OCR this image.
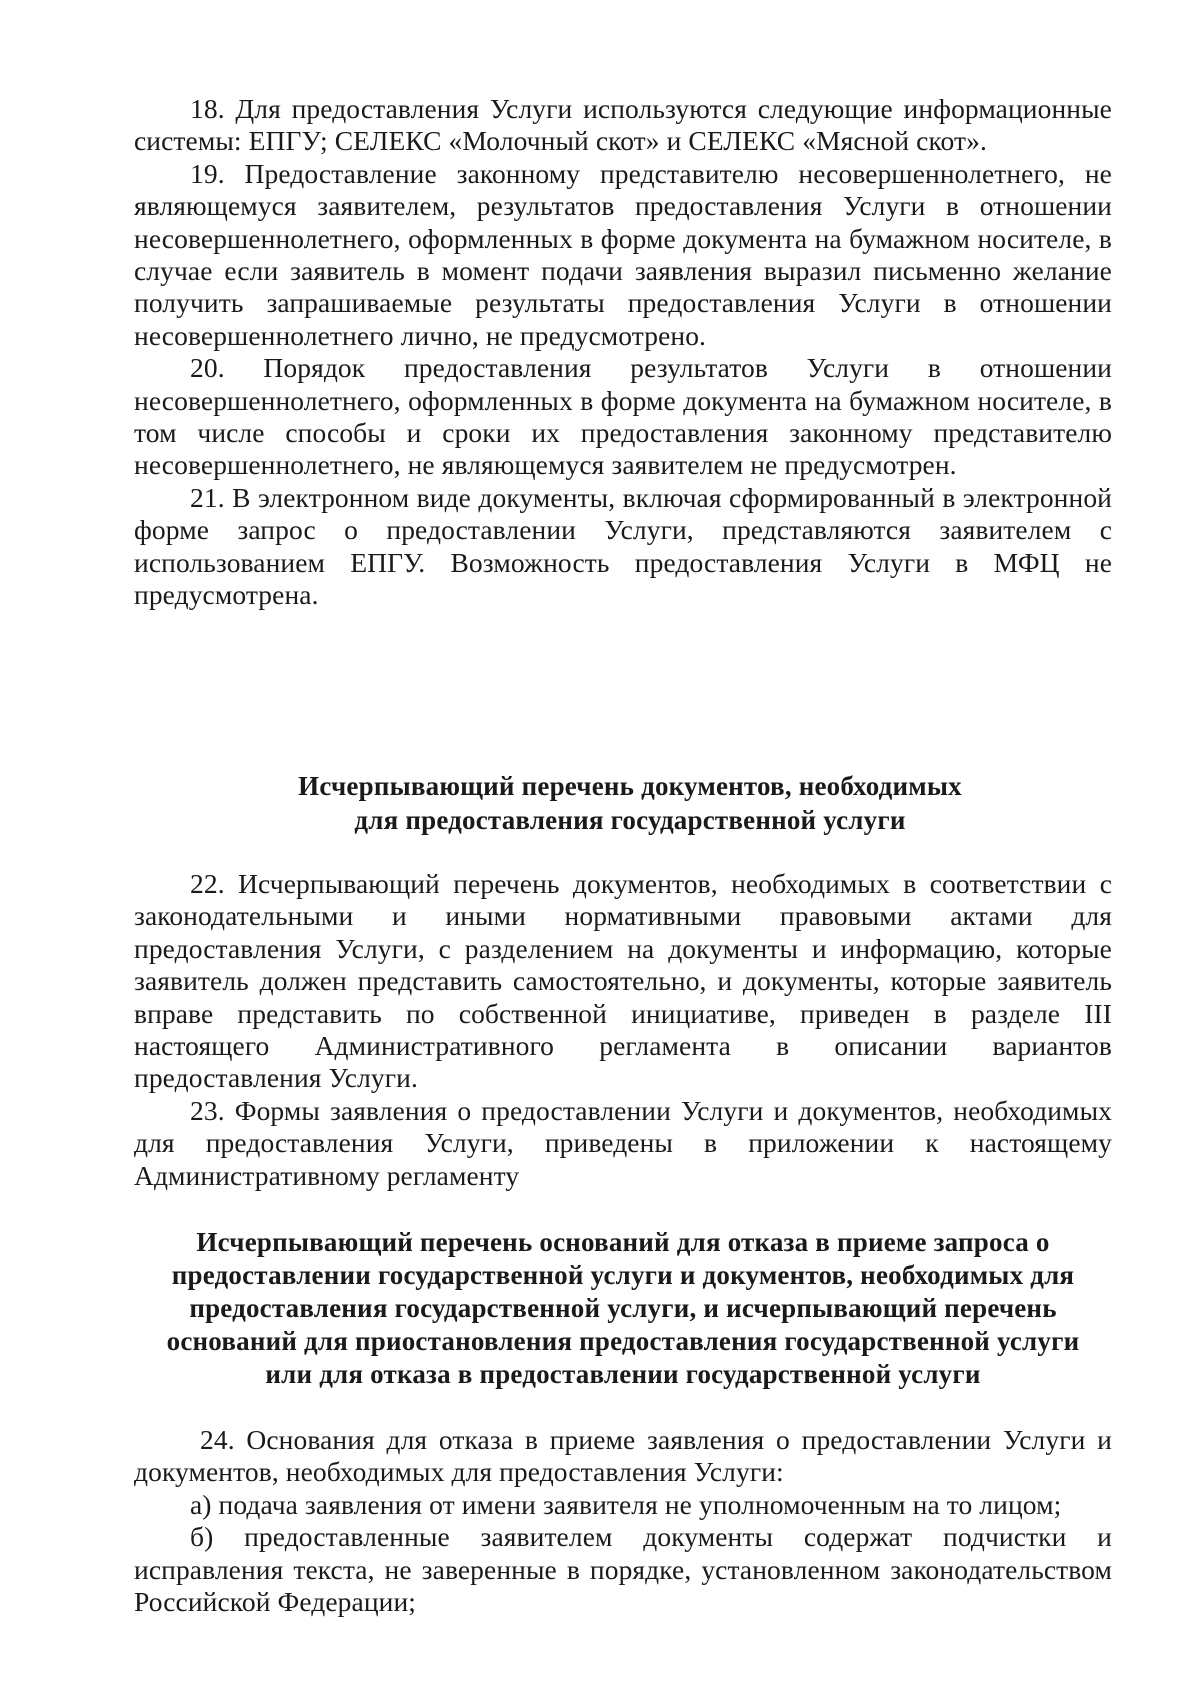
18. Для предоставления Услуги используются следующие информационные системы: ЕПГУ; СЕЛЕКС «Молочный скот» и СЕЛЕКС «Мясной скот».

19. Предоставление законному представителю несовершеннолетнего, не являющемуся заявителем, результатов предоставления Услуги в отношении несовершеннолетнего, оформленных в форме документа на бумажном носителе, в случае если заявитель в момент подачи заявления выразил письменно желание получить запрашиваемые результаты предоставления Услуги в отношении несовершеннолетнего лично, не предусмотрено.

20. Порядок предоставления результатов Услуги в отношении несовершеннолетнего, оформленных в форме документа на бумажном носителе, в том числе способы и сроки их предоставления законному представителю несовершеннолетнего, не являющемуся заявителем не предусмотрен.

21. В электронном виде документы, включая сформированный в электронной форме запрос о предоставлении Услуги, представляются заявителем с использованием ЕПГУ. Возможность предоставления Услуги в МФЦ не предусмотрена.

Исчерпывающий перечень документов, необходимых
для предоставления государственной услуги

22. Исчерпывающий перечень документов, необходимых в соответствии с законодательными и иными нормативными правовыми актами для предоставления Услуги, с разделением на документы и информацию, которые заявитель должен представить самостоятельно, и документы, которые заявитель вправе представить по собственной инициативе, приведен в разделе III настоящего Административного регламента в описании вариантов предоставления Услуги.

23. Формы заявления о предоставлении Услуги и документов, необходимых для предоставления Услуги, приведены в приложении к настоящему Административному регламенту

Исчерпывающий перечень оснований для отказа в приеме запроса о
предоставлении государственной услуги и документов, необходимых для
предоставления государственной услуги, и исчерпывающий перечень
оснований для приостановления предоставления государственной услуги
или для отказа в предоставлении государственной услуги

24. Основания для отказа в приеме заявления о предоставлении Услуги и документов, необходимых для предоставления Услуги:

а) подача заявления от имени заявителя не уполномоченным на то лицом;

б) предоставленные заявителем документы содержат подчистки и исправления текста, не заверенные в порядке, установленном законодательством Российской Федерации;
